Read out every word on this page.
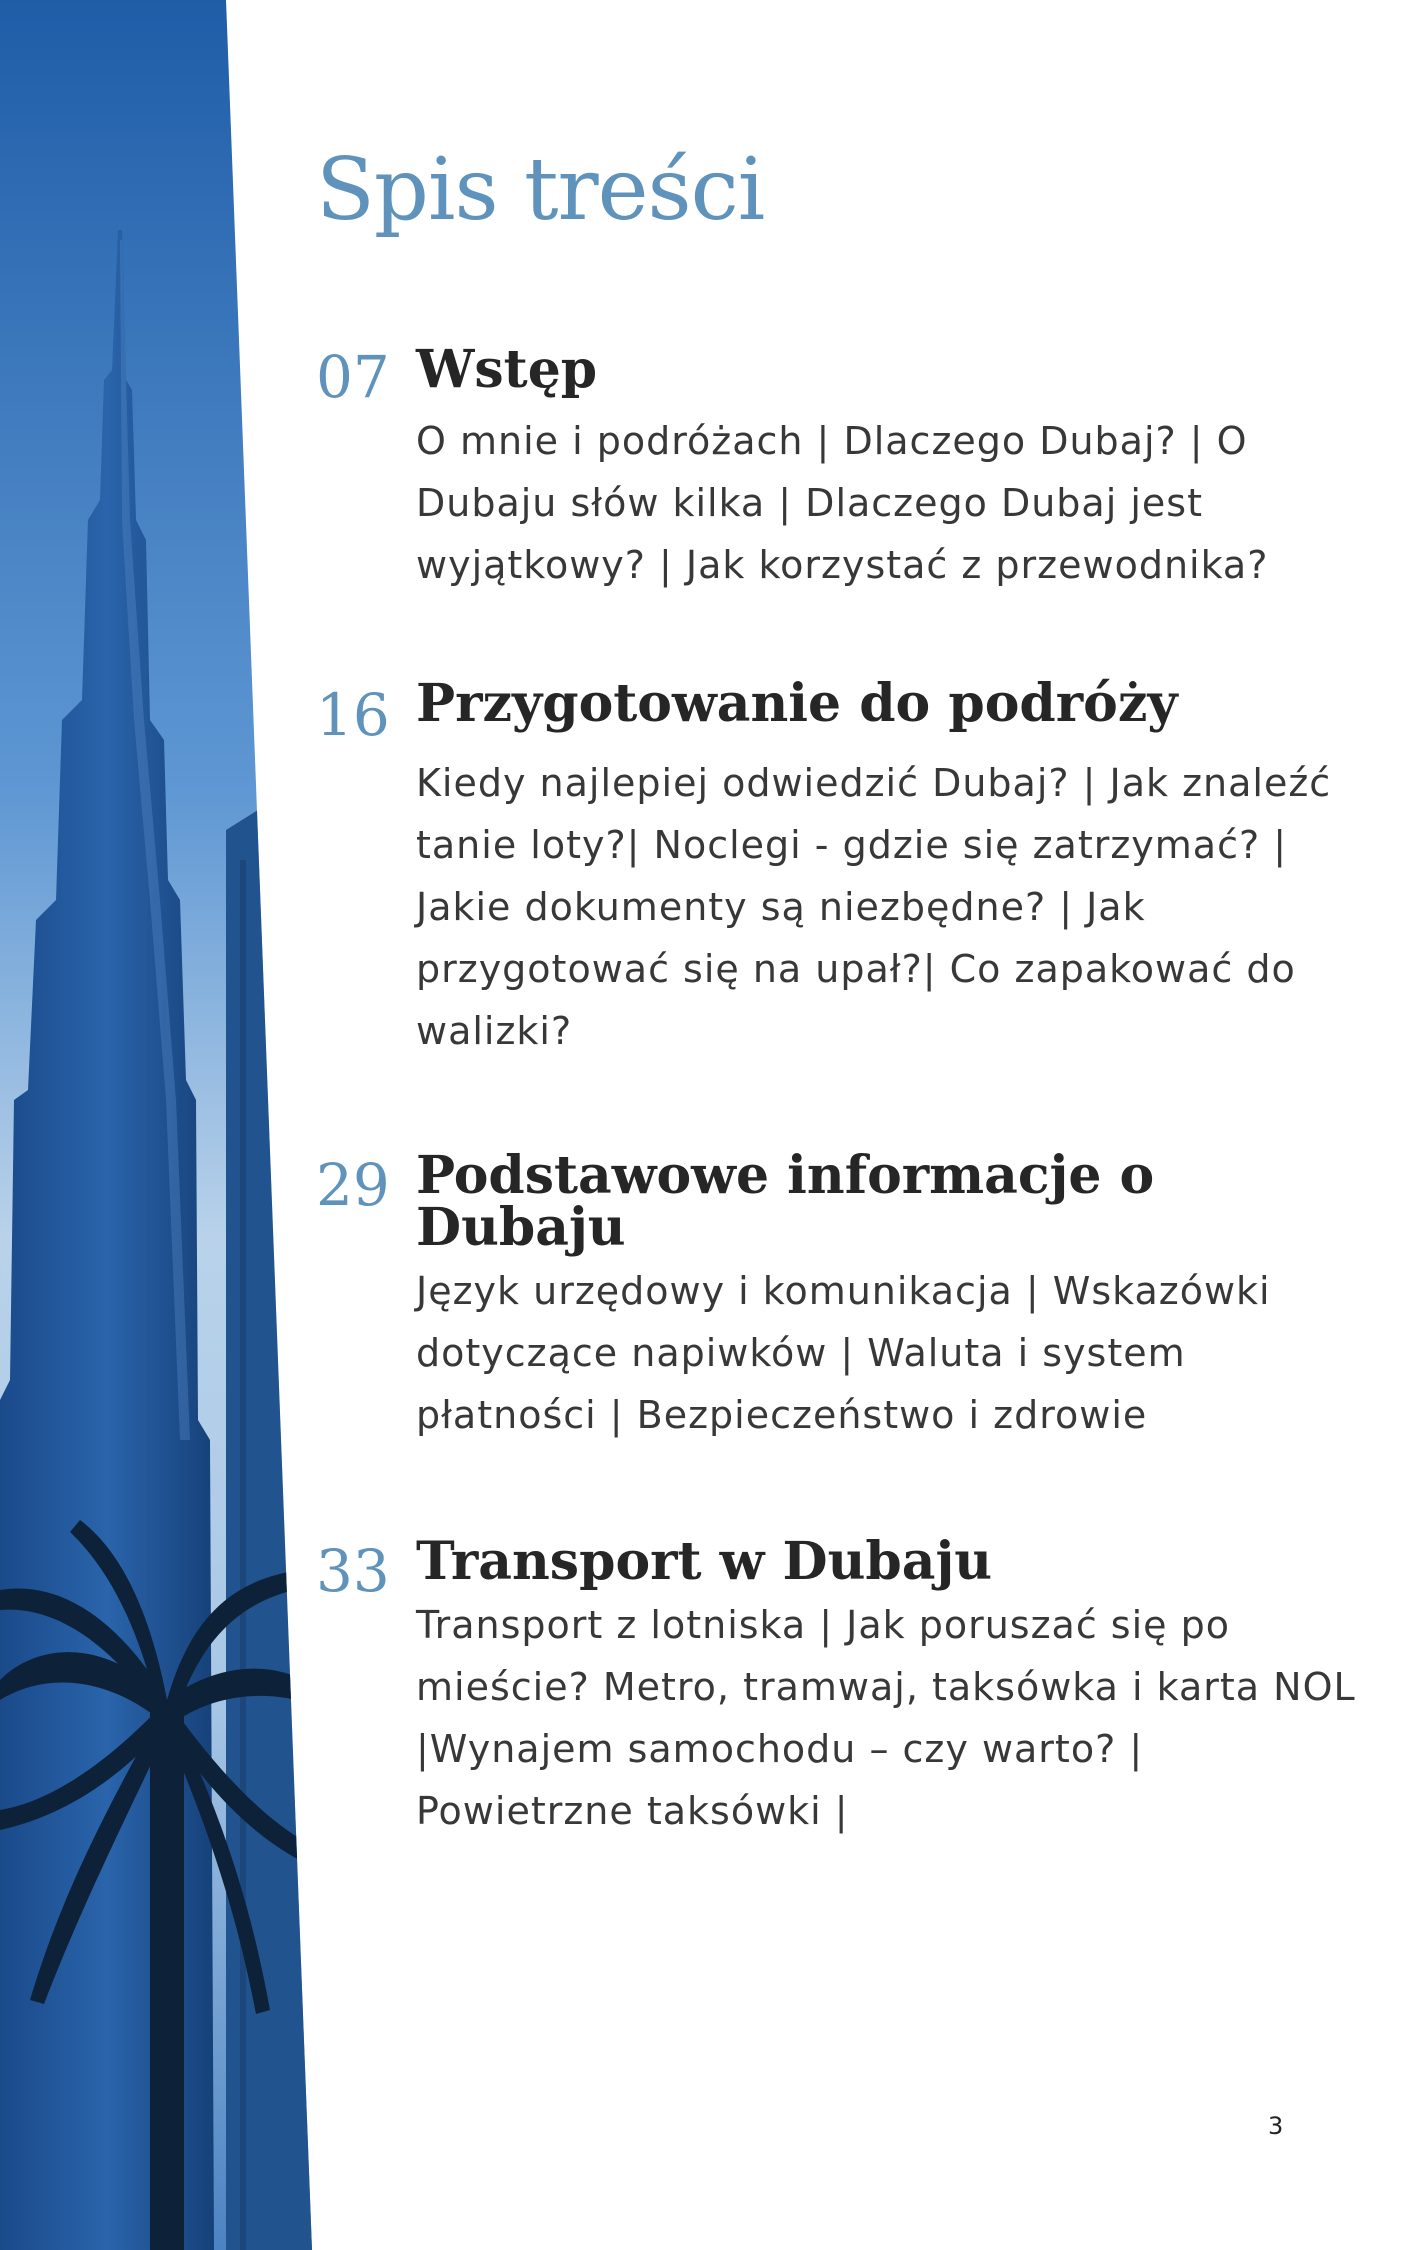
Spis treści
07 Wstęp

O mnie i podróżach | Dlaczego Dubaj? | O Dubaju słów kilka | Dlaczego Dubaj jest wyjątkowy? | Jak korzystać z przewodnika?

16 Przygotowanie do podróży

Kiedy najlepiej odwiedzić Dubaj? | Jak znaleźć tanie loty?| Noclegi - gdzie się zatrzymać? | Jakie dokumenty są niezbędne? | Jak przygotować się na upał?| Co zapakować do walizki?

29 Podstawowe informacje o Dubaju

Język urzędowy i komunikacja | Wskazówki dotyczące napiwków | Waluta i system płatności | Bezpieczeństwo i zdrowie

33 Transport w Dubaju

Transport z lotniska | Jak poruszać się po mieście? Metro, tramwaj, taksówka i karta NOL |Wynajem samochodu – czy warto? | Powietrzne taksówki |

3
